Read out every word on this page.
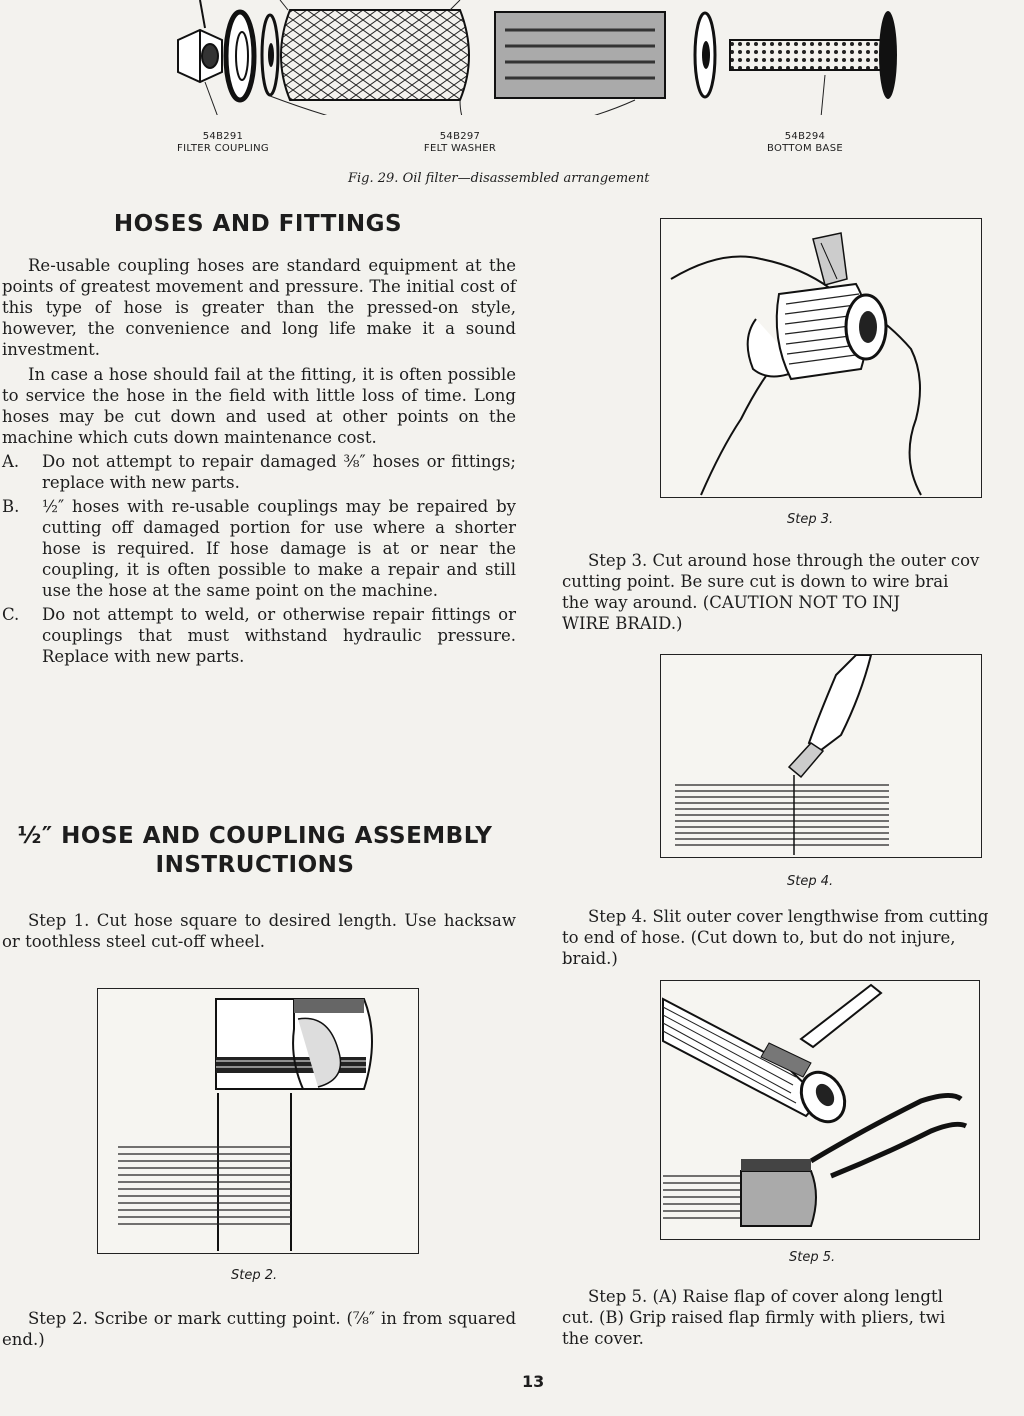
54B291
FILTER COUPLING
54B297
FELT WASHER
54B294
BOTTOM BASE
Fig. 29. Oil filter—disassembled arrangement
HOSES AND FITTINGS

Re-usable coupling hoses are standard equipment at the points of greatest movement and pressure. The initial cost of this type of hose is greater than the pressed-on style, however, the convenience and long life make it a sound investment.

In case a hose should fail at the fitting, it is often possible to service the hose in the field with little loss of time. Long hoses may be cut down and used at other points on the machine which cuts down maintenance cost.

A. Do not attempt to repair damaged ⅜″ hoses or fittings; replace with new parts.
B. ½″ hoses with re-usable couplings may be repaired by cutting off damaged portion for use where a shorter hose is required. If hose damage is at or near the coupling, it is often possible to make a repair and still use the hose at the same point on the machine.
C. Do not attempt to weld, or otherwise repair fittings or couplings that must withstand hydraulic pressure. Replace with new parts.
½″ HOSE AND COUPLING ASSEMBLY
INSTRUCTIONS
Step 1. Cut hose square to desired length. Use hacksaw or toothless steel cut-off wheel.
Step 2.
Step 2. Scribe or mark cutting point. (⅞″ in from squared end.)
Step 3.

Step 3. Cut around hose through the outer cov

cutting point. Be sure cut is down to wire brai

the way around. (CAUTION NOT TO INJ

WIRE BRAID.)

Step 4.

Step 4. Slit outer cover lengthwise from cutting

to end of hose. (Cut down to, but do not injure,

braid.)

Step 5.

Step 5. (A) Raise flap of cover along lengtl

cut. (B) Grip raised flap firmly with pliers, twi

the cover.

13
